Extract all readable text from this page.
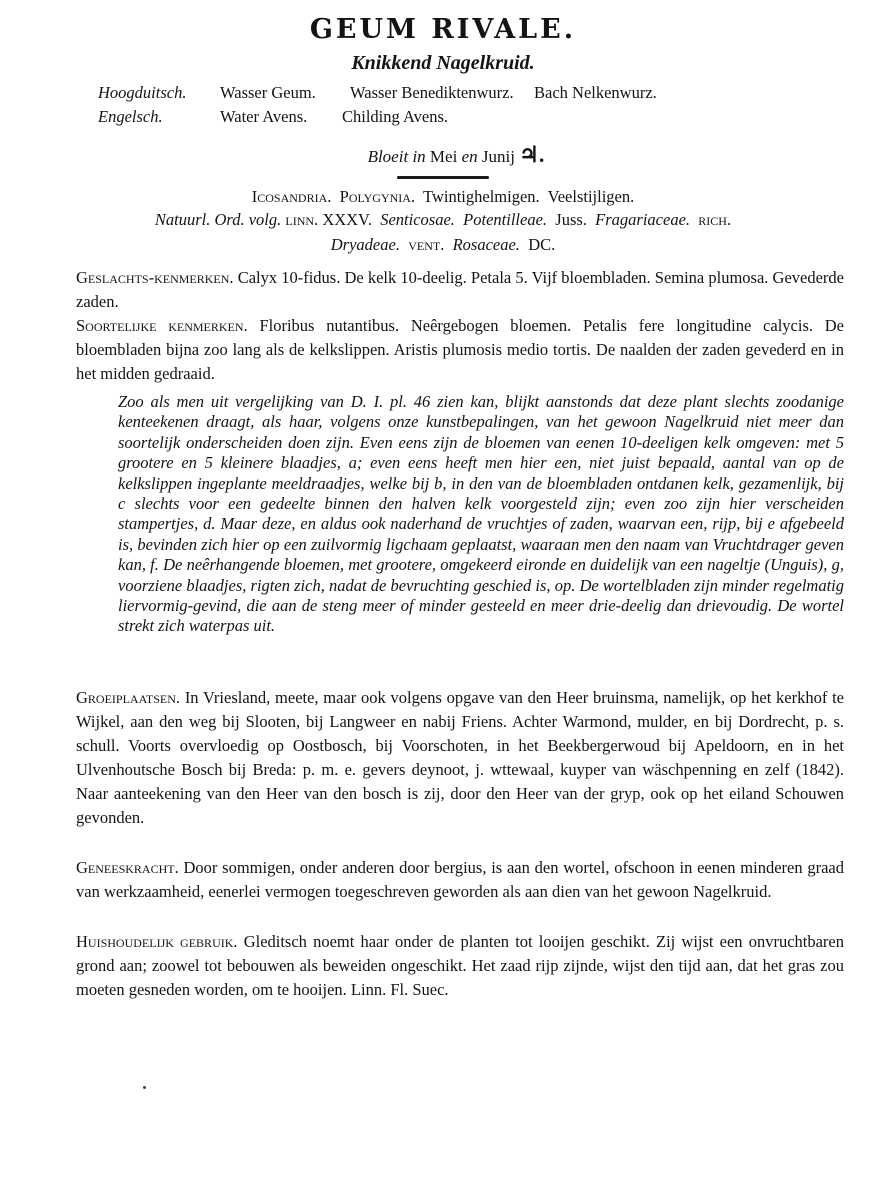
GEUM RIVALE.
Knikkend Nagelkruid.
Hoogduitsch. Wasser Geum. Wasser Benediktenwurz. Bach Nelkenwurz.
Engelsch.	Water Avens. Childing Avens.
Bloeit in Mei en Junij ♃.
Icosandria. Polygynia. Twintighelmigen. Veelstijligen.
Natuurl. Ord. volg. linn. XXXV. Senticosae. Potentilleae. Juss. Fragariaceae. rich.
Dryadeae. vent. Rosaceae. DC.

Geslachts-kenmerken. Calyx 10-fidus. De kelk 10-deelig. Petala 5. Vijf bloembladen. Semina plumosa. Gevederde zaden.

Soortelijke kenmerken. Floribus nutantibus. Neêrgebogen bloemen. Petalis fere longitudine calycis. De bloembladen bijna zoo lang als de kelkslippen. Aristis plumosis medio tortis. De naalden der zaden gevederd en in het midden gedraaid.

Zoo als men uit vergelijking van D. I. pl. 46 zien kan, blijkt aanstonds dat deze plant slechts zoodanige kenteekenen draagt, als haar, volgens onze kunstbepalingen, van het gewoon Nagelkruid niet meer dan soortelijk onderscheiden doen zijn. Even eens zijn de bloemen van eenen 10-deeligen kelk omgeven: met 5 grootere en 5 kleinere blaadjes, a; even eens heeft men hier een, niet juist bepaald, aantal van op de kelkslippen ingeplante meeldraadjes, welke bij b, in den van de bloembladen ontdanen kelk, gezamenlijk, bij c slechts voor een gedeelte binnen den halven kelk voorgesteld zijn; even zoo zijn hier verscheiden stampertjes, d. Maar deze, en aldus ook naderhand de vruchtjes of zaden, waarvan een, rijp, bij e afgebeeld is, bevinden zich hier op een zuilvormig ligchaam geplaatst, waaraan men den naam van Vruchtdrager geven kan, f. De neêrhangende bloemen, met grootere, omgekeerd eironde en duidelijk van een nageltje (Unguis), g, voorziene blaadjes, rigten zich, nadat de bevruchting geschied is, op. De wortelbladen zijn minder regelmatig liervormig-gevind, die aan de steng meer of minder gesteeld en meer drie-deelig dan drievoudig. De wortel strekt zich waterpas uit.

Groeiplaatsen. In Vriesland, meete, maar ook volgens opgave van den Heer bruinsma, namelijk, op het kerkhof te Wijkel, aan den weg bij Slooten, bij Langweer en nabij Friens. Achter Warmond, mulder, en bij Dordrecht, p. s. schull. Voorts overvloedig op Oostbosch, bij Voorschoten, in het Beekbergerwoud bij Apeldoorn, en in het Ulvenhoutsche Bosch bij Breda: p. m. e. gevers deynoot, j. wttewaal, kuyper van wäschpenning en zelf (1842). Naar aanteekening van den Heer van den bosch is zij, door den Heer van der gryp, ook op het eiland Schouwen gevonden.

Geneeskracht. Door sommigen, onder anderen door bergius, is aan den wortel, ofschoon in eenen minderen graad van werkzaamheid, eenerlei vermogen toegeschreven geworden als aan dien van het gewoon Nagelkruid.

Huishoudelijk gebruik. Gleditsch noemt haar onder de planten tot looijen geschikt. Zij wijst een onvruchtbaren grond aan; zoowel tot bebouwen als beweiden ongeschikt. Het zaad rijp zijnde, wijst den tijd aan, dat het gras zou moeten gesneden worden, om te hooijen. Linn. Fl. Suec.
